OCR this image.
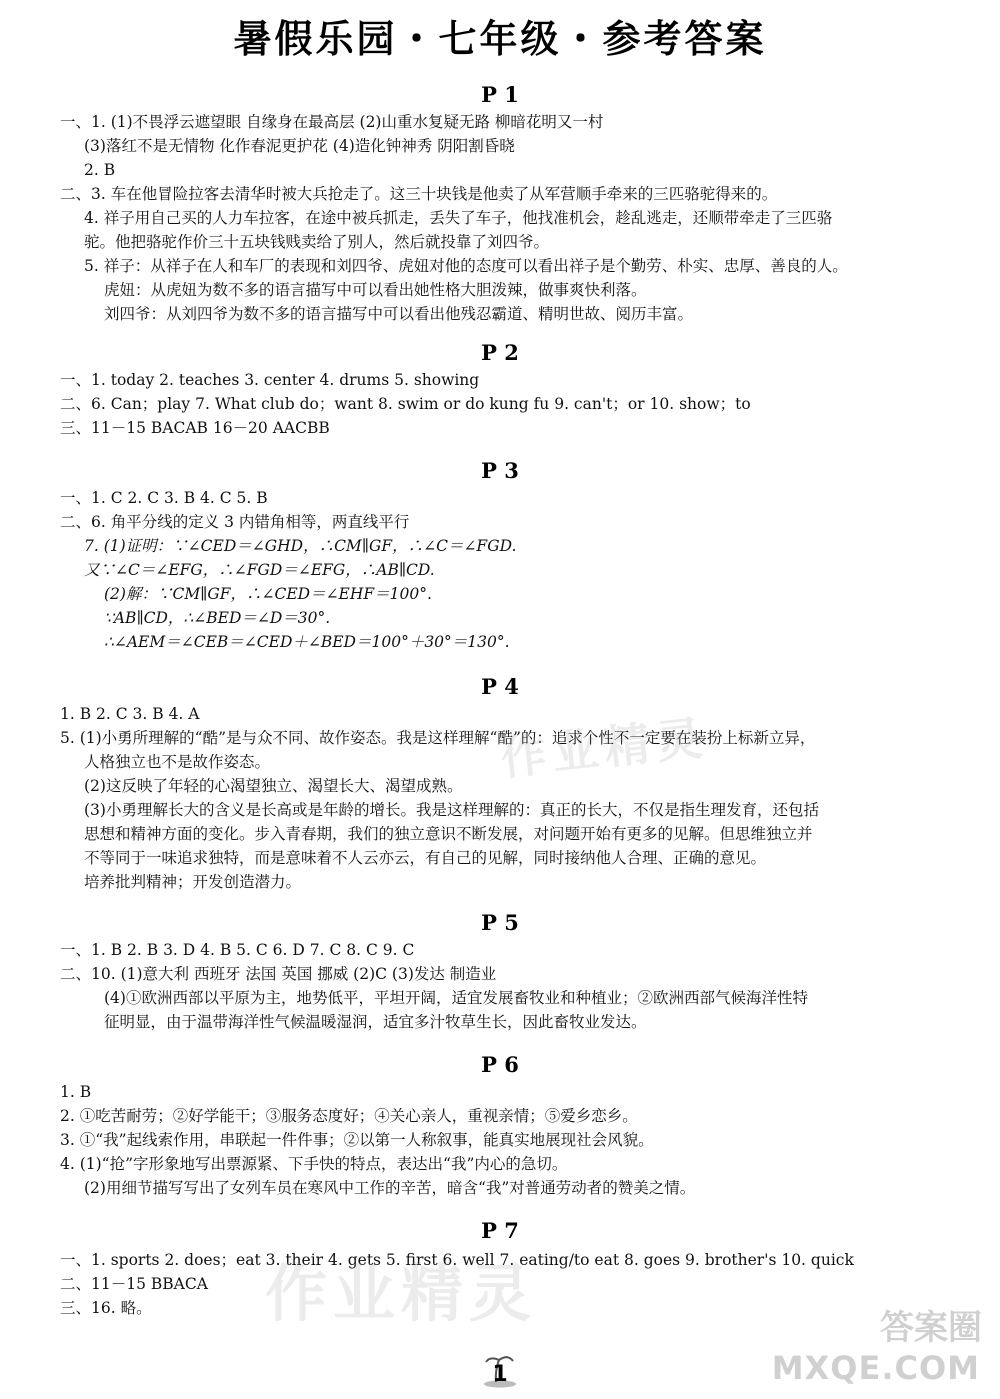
暑假乐园・七年级・参考答案
P 1
一、1. (1)不畏浮云遮望眼 自缘身在最高层 (2)山重水复疑无路 柳暗花明又一村
(3)落红不是无情物 化作春泥更护花 (4)造化钟神秀 阴阳割昏晓
2. B
二、3. 车在他冒险拉客去清华时被大兵抢走了。这三十块钱是他卖了从军营顺手牵来的三匹骆驼得来的。
4. 祥子用自己买的人力车拉客，在途中被兵抓走，丢失了车子，他找准机会，趁乱逃走，还顺带牵走了三匹骆
驼。他把骆驼作价三十五块钱贱卖给了别人，然后就投靠了刘四爷。
5. 祥子：从祥子在人和车厂的表现和刘四爷、虎妞对他的态度可以看出祥子是个勤劳、朴实、忠厚、善良的人。
虎妞：从虎妞为数不多的语言描写中可以看出她性格大胆泼辣，做事爽快利落。
刘四爷：从刘四爷为数不多的语言描写中可以看出他残忍霸道、精明世故、阅历丰富。
P 2
一、1. today 2. teaches 3. center 4. drums 5. showing
二、6. Can；play 7. What club do；want 8. swim or do kung fu 9. can't；or 10. show；to
三、11－15 BACAB 16－20 AACBB
P 3
一、1. C 2. C 3. B 4. C 5. B
二、6. 角平分线的定义 3 内错角相等，两直线平行
7. (1)证明：∵∠CED＝∠GHD，∴CM∥GF，∴∠C＝∠FGD.
又∵∠C＝∠EFG，∴∠FGD＝∠EFG，∴AB∥CD.
(2)解：∵CM∥GF，∴∠CED＝∠EHF＝100°.
∵AB∥CD，∴∠BED＝∠D＝30°.
∴∠AEM＝∠CEB＝∠CED＋∠BED＝100°＋30°＝130°.
P 4
1. B 2. C 3. B 4. A
5. (1)小勇所理解的“酷”是与众不同、故作姿态。我是这样理解“酷”的：追求个性不一定要在装扮上标新立异，
人格独立也不是故作姿态。
(2)这反映了年轻的心渴望独立、渴望长大、渴望成熟。
(3)小勇理解长大的含义是长高或是年龄的增长。我是这样理解的：真正的长大，不仅是指生理发育，还包括
思想和精神方面的变化。步入青春期，我们的独立意识不断发展，对问题开始有更多的见解。但思维独立并
不等同于一味追求独特，而是意味着不人云亦云，有自己的见解，同时接纳他人合理、正确的意见。
培养批判精神；开发创造潜力。
P 5
一、1. B 2. B 3. D 4. B 5. C 6. D 7. C 8. C 9. C
二、10. (1)意大利 西班牙 法国 英国 挪威 (2)C (3)发达 制造业
(4)①欧洲西部以平原为主，地势低平，平坦开阔，适宜发展畜牧业和种植业；②欧洲西部气候海洋性特
征明显，由于温带海洋性气候温暖湿润，适宜多汁牧草生长，因此畜牧业发达。
P 6
1. B
2. ①吃苦耐劳；②好学能干；③服务态度好；④关心亲人，重视亲情；⑤爱乡恋乡。
3. ①“我”起线索作用，串联起一件件事；②以第一人称叙事，能真实地展现社会风貌。
4. (1)“抢”字形象地写出票源紧、下手快的特点，表达出“我”内心的急切。
(2)用细节描写写出了女列车员在寒风中工作的辛苦，暗含“我”对普通劳动者的赞美之情。
P 7
一、1. sports 2. does；eat 3. their 4. gets 5. first 6. well 7. eating/to eat 8. goes 9. brother's 10. quick
二、11－15 BBACA
三、16. 略。
作业精灵
作业精灵	答案圈
MXQE.COM
1
